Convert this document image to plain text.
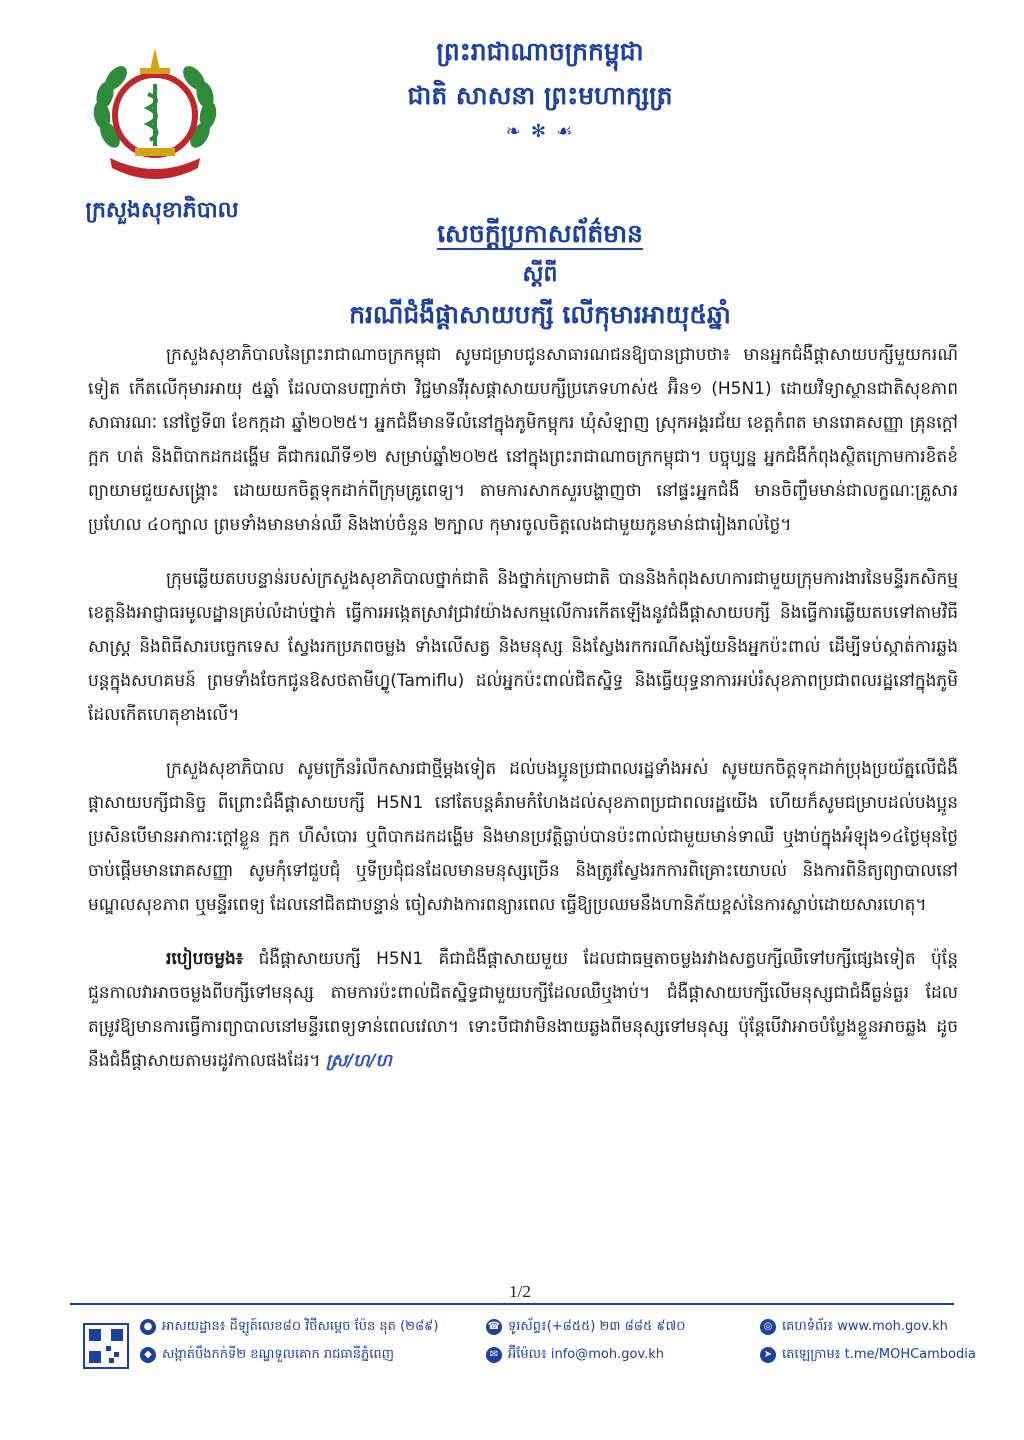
ក្រសួងសុខាភិបាល
ព្រះរាជាណាចក្រកម្ពុជា
ជាតិ សាសនា ព្រះមហាក្សត្រ
❧ ✻ ☙
សេចក្តីប្រកាសព័ត៌មាន
ស្តីពី
ករណីជំងឺផ្តាសាយបក្សី លើកុមារអាយុ៥ឆ្នាំ

ក្រសួងសុខាភិបាលនៃព្រះរាជាណាចក្រកម្ពុជា សូមជម្រាបជូនសាធារណជនឱ្យបានជ្រាបថា៖ មានអ្នកជំងឺផ្តាសាយបក្សីមួយករណីទៀត កើតលើកុមារអាយុ ៥ឆ្នាំ ដែលបានបញ្ជាក់ថា វិជ្ជមានវីរុសផ្តាសាយបក្សីប្រភេទហាស់៥ អ៊ិន១ (H5N1) ដោយវិទ្យាស្ថានជាតិសុខភាពសាធារណៈ នៅថ្ងៃទី៣ ខែកក្កដា ឆ្នាំ២០២៥។ អ្នកជំងឺមានទីលំនៅក្នុងភូមិកម្ពុករ ឃុំសំឡាញ ស្រុកអង្គរជ័យ ខេត្តកំពត មានរោគសញ្ញា គ្រុនក្តៅ ក្អក ហត់ និងពិបាកដកដង្ហើម គឺជាករណីទី១២ សម្រាប់ឆ្នាំ២០២៥ នៅក្នុងព្រះរាជាណាចក្រកម្ពុជា។ បច្ចុប្បន្ន អ្នកជំងឺកំពុងស្ថិតក្រោមការខិតខំព្យាយាមជួយសង្គ្រោះ ដោយយកចិត្តទុកដាក់ពីក្រុមគ្រូពេទ្យ។ តាមការសាកសួរបង្ហាញថា នៅផ្ទះអ្នកជំងឺ មានចិញ្ចឹមមាន់ជាលក្ខណៈគ្រួសារប្រហែល ៤០ក្បាល ព្រមទាំងមានមាន់ឈឺ និងងាប់ចំនួន ២ក្បាល កុមារចូលចិត្តលេងជាមួយកូនមាន់ជារៀងរាល់ថ្ងៃ។

ក្រុមឆ្លើយតបបន្ទាន់របស់ក្រសួងសុខាភិបាលថ្នាក់ជាតិ និងថ្នាក់ក្រោមជាតិ បាននិងកំពុងសហការជាមួយក្រុមការងារនៃមន្ទីរកសិកម្មខេត្តនិងអាជ្ញាធរមូលដ្ឋានគ្រប់លំដាប់ថ្នាក់ ធ្វើការអង្កេតស្រាវជ្រាវយ៉ាងសកម្មលើការកើតឡើងនូវជំងឺផ្តាសាយបក្សី និងធ្វើការឆ្លើយតបទៅតាមវិធីសាស្ត្រ និងពិធីសារបច្ចេកទេស ស្វែងរកប្រភពចម្លង ទាំងលើសត្វ និងមនុស្ស និងស្វែងរកករណីសង្ស័យនិងអ្នកប៉ះពាល់ ដើម្បីទប់ស្កាត់ការឆ្លងបន្តក្នុងសហគមន៍ ព្រមទាំងចែកជូនឱសថតាមីហ្វ្លូ(Tamiflu) ដល់អ្នកប៉ះពាល់ជិតស្និទ្ធ និងធ្វើយុទ្ធនាការអប់រំសុខភាពប្រជាពលរដ្ឋនៅក្នុងភូមិដែលកើតហេតុខាងលើ។

ក្រសួងសុខាភិបាល សូមក្រើនរំលឹកសារជាថ្មីម្តងទៀត ដល់បងប្អូនប្រជាពលរដ្ឋទាំងអស់ សូមយកចិត្តទុកដាក់ប្រុងប្រយ័ត្នលើជំងឺផ្តាសាយបក្សីជានិច្ច ពីព្រោះជំងឺផ្តាសាយបក្សី H5N1 នៅតែបន្តគំរាមកំហែងដល់សុខភាពប្រជាពលរដ្ឋយើង ហើយក៏សូមជម្រាបដល់បងប្អូន ប្រសិនបើមានអាការៈក្តៅខ្លួន ក្អក ហឺសំបោរ ឬពិបាកដកដង្ហើម និងមានប្រវត្តិធ្លាប់បានប៉ះពាល់ជាមួយមាន់ទាឈឺ ឬងាប់ក្នុងអំឡុង១៤ថ្ងៃមុនថ្ងៃចាប់ផ្តើមមានរោគសញ្ញា សូមកុំទៅជួបជុំ ឬទីប្រជុំជនដែលមានមនុស្សច្រើន និងត្រូវស្វែងរកការពិគ្រោះយោបល់ និងការពិនិត្យព្យាបាលនៅមណ្ឌលសុខភាព ឬមន្ទីរពេទ្យ ដែលនៅជិតជាបន្ទាន់ ចៀសវាងការពន្យារពេល ធ្វើឱ្យប្រឈមនឹងហានិភ័យខ្ពស់នៃការស្លាប់ដោយសារហេតុ។

របៀបចម្លង៖ ជំងឺផ្តាសាយបក្សី H5N1 គឺជាជំងឺផ្តាសាយមួយ ដែលជាធម្មតាចម្លងរវាងសត្វបក្សីឈឺទៅបក្សីផ្សេងទៀត ប៉ុន្តែជួនកាលវាអាចចម្លងពីបក្សីទៅមនុស្ស តាមការប៉ះពាល់ជិតស្និទ្ធជាមួយបក្សីដែលឈឺឬងាប់។ ជំងឺផ្តាសាយបក្សីលើមនុស្សជាជំងឺធ្ងន់ធ្ងរ ដែលតម្រូវឱ្យមានការធ្វើការព្យាបាលនៅមន្ទីរពេទ្យទាន់ពេលវេលា។ ទោះបីជាវាមិនងាយឆ្លងពីមនុស្សទៅមនុស្ស ប៉ុន្តែបើវាអាចបំប្លែងខ្លួនអាចឆ្លង ដូចនឹងជំងឺផ្តាសាយតាមរដូវកាលផងដែរ។ ស្រ/ហ/ហ

1/2
● អាសយដ្ឋាន៖ ដីឡូត៍លេខ៨០ វិថីសម្តេច ប៉ែន នុត (២៨៩)
◆ សង្កាត់បឹងកក់ទី២ ខណ្ឌទួលគោក រាជធានីភ្នំពេញ
☎ ទូរស័ព្ទ៖(+៨៥៥) ២៣ ៨៨៥ ៩៧០
✉ អ៊ីម៉ែល៖ info@moh.gov.kh
◎ គេហទំព័រ៖ www.moh.gov.kh
➤ តេឡេក្រាម៖ t.me/MOHCambodia
